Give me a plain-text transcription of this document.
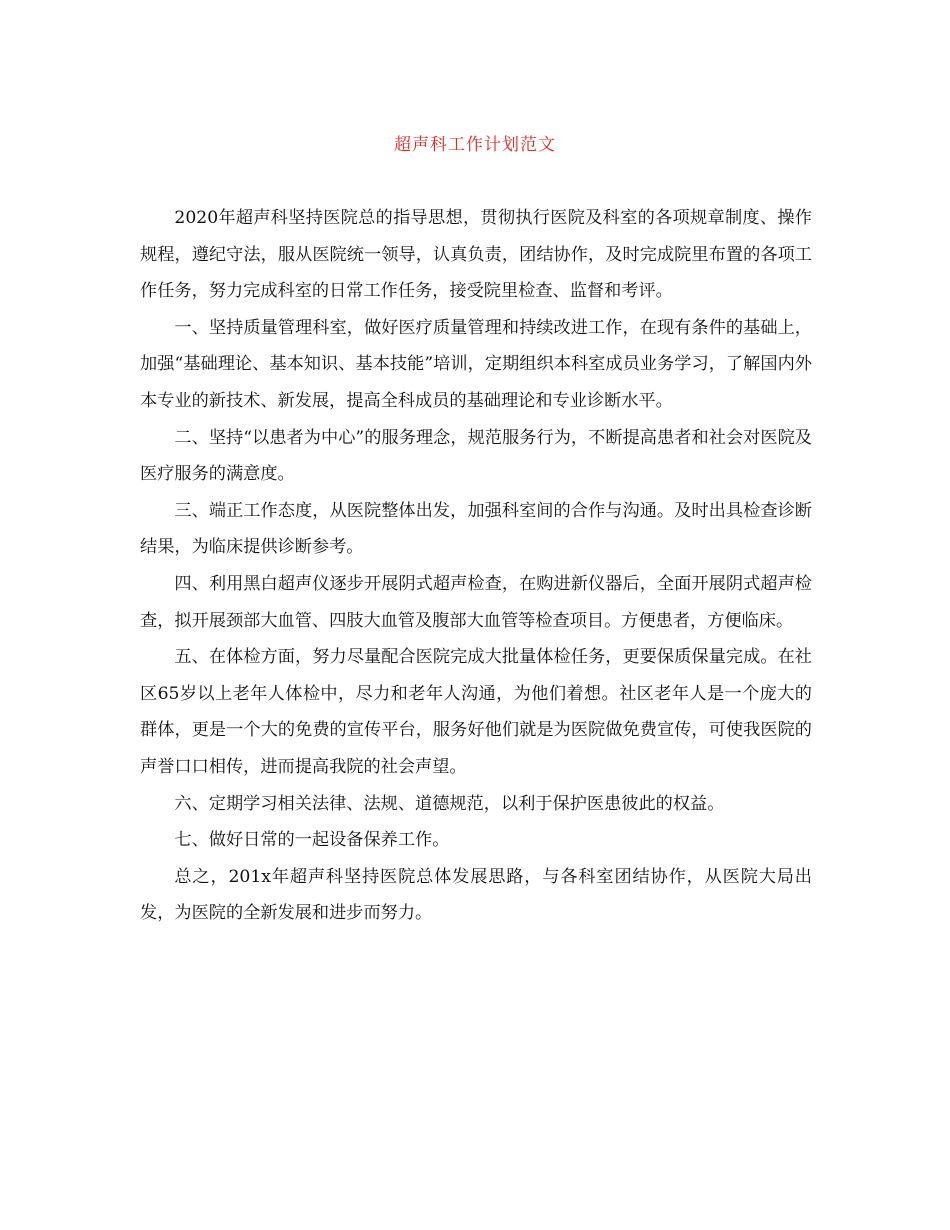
超声科工作计划范文

2020年超声科坚持医院总的指导思想，贯彻执行医院及科室的各项规章制度、操作规程，遵纪守法，服从医院统一领导，认真负责，团结协作，及时完成院里布置的各项工作任务，努力完成科室的日常工作任务，接受院里检查、监督和考评。

一、坚持质量管理科室，做好医疗质量管理和持续改进工作，在现有条件的基础上，加强“基础理论、基本知识、基本技能”培训，定期组织本科室成员业务学习，了解国内外本专业的新技术、新发展，提高全科成员的基础理论和专业诊断水平。

二、坚持“以患者为中心”的服务理念，规范服务行为，不断提高患者和社会对医院及医疗服务的满意度。

三、端正工作态度，从医院整体出发，加强科室间的合作与沟通。及时出具检查诊断结果，为临床提供诊断参考。

四、利用黑白超声仪逐步开展阴式超声检查，在购进新仪器后，全面开展阴式超声检查，拟开展颈部大血管、四肢大血管及腹部大血管等检查项目。方便患者，方便临床。

五、在体检方面，努力尽量配合医院完成大批量体检任务，更要保质保量完成。在社区65岁以上老年人体检中，尽力和老年人沟通，为他们着想。社区老年人是一个庞大的群体，更是一个大的免费的宣传平台，服务好他们就是为医院做免费宣传，可使我医院的声誉口口相传，进而提高我院的社会声望。

六、定期学习相关法律、法规、道德规范，以利于保护医患彼此的权益。

七、做好日常的一起设备保养工作。

总之，201x年超声科坚持医院总体发展思路，与各科室团结协作，从医院大局出发，为医院的全新发展和进步而努力。
